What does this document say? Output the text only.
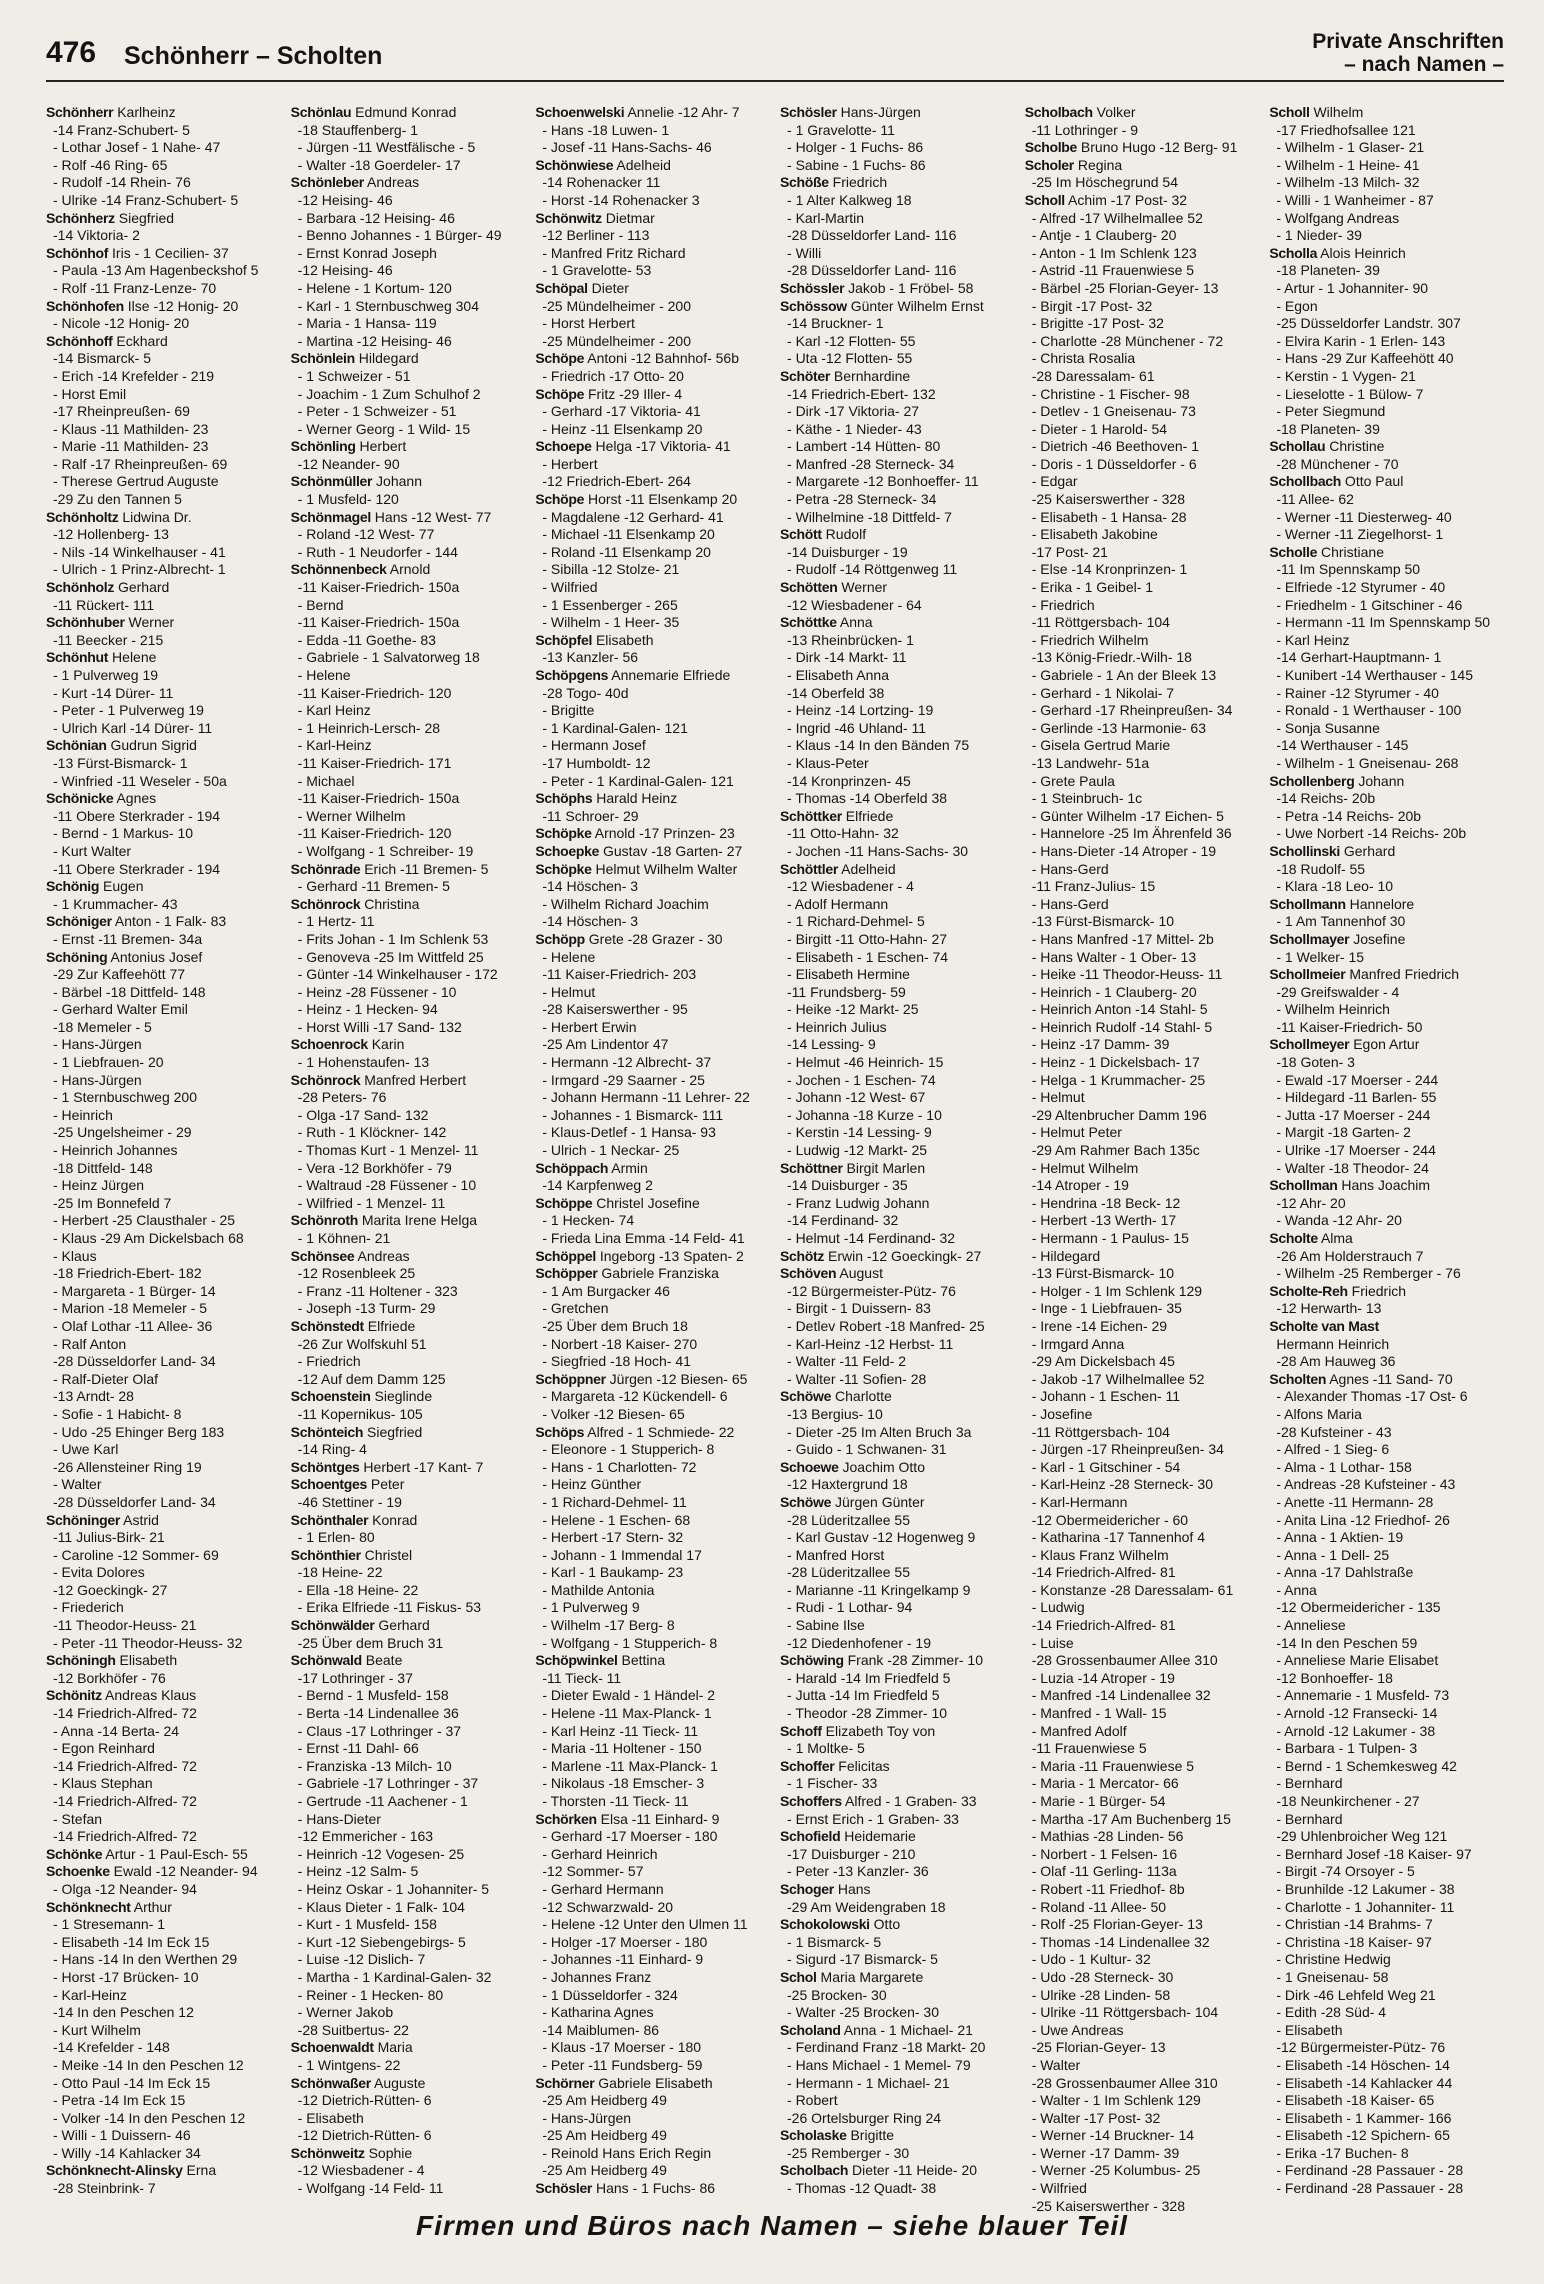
476 Schönherr – Scholten
Private Anschriften
– nach Namen –
Schönherr Karlheinz
-14 Franz-Schubert- 5
- Lothar Josef - 1 Nahe- 47
- Rolf -46 Ring- 65
- Rudolf -14 Rhein- 76
- Ulrike -14 Franz-Schubert- 5
Schönherz Siegfried
-14 Viktoria- 2
Schönhof Iris - 1 Cecilien- 37
- Paula -13 Am Hagenbeckshof 5
- Rolf -11 Franz-Lenze- 70
Schönhofen Ilse -12 Honig- 20
- Nicole -12 Honig- 20
Schönhoff Eckhard
-14 Bismarck- 5
- Erich -14 Krefelder - 219
- Horst Emil
-17 Rheinpreußen- 69
- Klaus -11 Mathilden- 23
- Marie -11 Mathilden- 23
- Ralf -17 Rheinpreußen- 69
- Therese Gertrud Auguste
-29 Zu den Tannen 5
Schönholtz Lidwina Dr.
-12 Hollenberg- 13
- Nils -14 Winkelhauser - 41
- Ulrich - 1 Prinz-Albrecht- 1
Schönholz Gerhard
-11 Rückert- 111
Schönhuber Werner
-11 Beecker - 215
Schönhut Helene
- 1 Pulverweg 19
- Kurt -14 Dürer- 11
- Peter - 1 Pulverweg 19
- Ulrich Karl -14 Dürer- 11
Schönian Gudrun Sigrid
-13 Fürst-Bismarck- 1
- Winfried -11 Weseler - 50a
Schönicke Agnes
-11 Obere Sterkrader - 194
- Bernd - 1 Markus- 10
- Kurt Walter
-11 Obere Sterkrader - 194
Schönig Eugen
- 1 Krummacher- 43
Schöniger Anton - 1 Falk- 83
- Ernst -11 Bremen- 34a
Schöning Antonius Josef
-29 Zur Kaffeehött 77
- Bärbel -18 Dittfeld- 148
- Gerhard Walter Emil
-18 Memeler - 5
- Hans-Jürgen
- 1 Liebfrauen- 20
- Hans-Jürgen
- 1 Sternbuschweg 200
- Heinrich
-25 Ungelsheimer - 29
- Heinrich Johannes
-18 Dittfeld- 148
- Heinz Jürgen
-25 Im Bonnefeld 7
- Herbert -25 Clausthaler - 25
- Klaus -29 Am Dickelsbach 68
- Klaus
-18 Friedrich-Ebert- 182
- Margareta - 1 Bürger- 14
- Marion -18 Memeler - 5
- Olaf Lothar -11 Allee- 36
- Ralf Anton
-28 Düsseldorfer Land- 34
- Ralf-Dieter Olaf
-13 Arndt- 28
- Sofie - 1 Habicht- 8
- Udo -25 Ehinger Berg 183
- Uwe Karl
-26 Allensteiner Ring 19
- Walter
-28 Düsseldorfer Land- 34
Schöninger Astrid
-11 Julius-Birk- 21
- Caroline -12 Sommer- 69
- Evita Dolores
-12 Goeckingk- 27
- Friederich
-11 Theodor-Heuss- 21
- Peter -11 Theodor-Heuss- 32
Schöningh Elisabeth
-12 Borkhöfer - 76
Schönitz Andreas Klaus
-14 Friedrich-Alfred- 72
- Anna -14 Berta- 24
- Egon Reinhard
-14 Friedrich-Alfred- 72
- Klaus Stephan
-14 Friedrich-Alfred- 72
- Stefan
-14 Friedrich-Alfred- 72
Schönke Artur - 1 Paul-Esch- 55
Schoenke Ewald -12 Neander- 94
- Olga -12 Neander- 94
Schönknecht Arthur
- 1 Stresemann- 1
- Elisabeth -14 Im Eck 15
- Hans -14 In den Werthen 29
- Horst -17 Brücken- 10
- Karl-Heinz
-14 In den Peschen 12
- Kurt Wilhelm
-14 Krefelder - 148
- Meike -14 In den Peschen 12
- Otto Paul -14 Im Eck 15
- Petra -14 Im Eck 15
- Volker -14 In den Peschen 12
- Willi - 1 Duissern- 46
- Willy -14 Kahlacker 34
Schönknecht-Alinsky Erna
-28 Steinbrink- 7
Schönlau Edmund Konrad
-18 Stauffenberg- 1
- Jürgen -11 Westfälische - 5
- Walter -18 Goerdeler- 17
Schönleber Andreas
-12 Heising- 46
- Barbara -12 Heising- 46
- Benno Johannes - 1 Bürger- 49
- Ernst Konrad Joseph
-12 Heising- 46
- Helene - 1 Kortum- 120
- Karl - 1 Sternbuschweg 304
- Maria - 1 Hansa- 119
- Martina -12 Heising- 46
Schönlein Hildegard
- 1 Schweizer - 51
- Joachim - 1 Zum Schulhof 2
- Peter - 1 Schweizer - 51
- Werner Georg - 1 Wild- 15
Schönling Herbert
-12 Neander- 90
Schönmüller Johann
- 1 Musfeld- 120
Schönmagel Hans -12 West- 77
- Roland -12 West- 77
- Ruth - 1 Neudorfer - 144
Schönnenbeck Arnold
-11 Kaiser-Friedrich- 150a
- Bernd
-11 Kaiser-Friedrich- 150a
- Edda -11 Goethe- 83
- Gabriele - 1 Salvatorweg 18
- Helene
-11 Kaiser-Friedrich- 120
- Karl Heinz
- 1 Heinrich-Lersch- 28
- Karl-Heinz
-11 Kaiser-Friedrich- 171
- Michael
-11 Kaiser-Friedrich- 150a
- Werner Wilhelm
-11 Kaiser-Friedrich- 120
- Wolfgang - 1 Schreiber- 19
Schönrade Erich -11 Bremen- 5
- Gerhard -11 Bremen- 5
Schönrock Christina
- 1 Hertz- 11
- Frits Johan - 1 Im Schlenk 53
- Genoveva -25 Im Wittfeld 25
- Günter -14 Winkelhauser - 172
- Heinz -28 Füssener - 10
- Heinz - 1 Hecken- 94
- Horst Willi -17 Sand- 132
Schoenrock Karin
- 1 Hohenstaufen- 13
Schönrock Manfred Herbert
-28 Peters- 76
- Olga -17 Sand- 132
- Ruth - 1 Klöckner- 142
- Thomas Kurt - 1 Menzel- 11
- Vera -12 Borkhöfer - 79
- Waltraud -28 Füssener - 10
- Wilfried - 1 Menzel- 11
Schönroth Marita Irene Helga
- 1 Köhnen- 21
Schönsee Andreas
-12 Rosenbleek 25
- Franz -11 Holtener - 323
- Joseph -13 Turm- 29
Schönstedt Elfriede
-26 Zur Wolfskuhl 51
- Friedrich
-12 Auf dem Damm 125
Schoenstein Sieglinde
-11 Kopernikus- 105
Schönteich Siegfried
-14 Ring- 4
Schöntges Herbert -17 Kant- 7
Schoentges Peter
-46 Stettiner - 19
Schönthaler Konrad
- 1 Erlen- 80
Schönthier Christel
-18 Heine- 22
- Ella -18 Heine- 22
- Erika Elfriede -11 Fiskus- 53
Schönwälder Gerhard
-25 Über dem Bruch 31
Schönwald Beate
-17 Lothringer - 37
- Bernd - 1 Musfeld- 158
- Berta -14 Lindenallee 36
- Claus -17 Lothringer - 37
- Ernst -11 Dahl- 66
- Franziska -13 Milch- 10
- Gabriele -17 Lothringer - 37
- Gertrude -11 Aachener - 1
- Hans-Dieter
-12 Emmericher - 163
- Heinrich -12 Vogesen- 25
- Heinz -12 Salm- 5
- Heinz Oskar - 1 Johanniter- 5
- Klaus Dieter - 1 Falk- 104
- Kurt - 1 Musfeld- 158
- Kurt -12 Siebengebirgs- 5
- Luise -12 Dislich- 7
- Martha - 1 Kardinal-Galen- 32
- Reiner - 1 Hecken- 80
- Werner Jakob
-28 Suitbertus- 22
Schoenwaldt Maria
- 1 Wintgens- 22
Schönwaßer Auguste
-12 Dietrich-Rütten- 6
- Elisabeth
-12 Dietrich-Rütten- 6
Schönweitz Sophie
-12 Wiesbadener - 4
- Wolfgang -14 Feld- 11
Schoenwelski Annelie -12 Ahr- 7
- Hans -18 Luwen- 1
- Josef -11 Hans-Sachs- 46
Schönwiese Adelheid
-14 Rohenacker 11
- Horst -14 Rohenacker 3
Schönwitz Dietmar
-12 Berliner - 113
- Manfred Fritz Richard
- 1 Gravelotte- 53
Schöpal Dieter
-25 Mündelheimer - 200
- Horst Herbert
-25 Mündelheimer - 200
Schöpe Antoni -12 Bahnhof- 56b
- Friedrich -17 Otto- 20
Schöpe Fritz -29 Iller- 4
- Gerhard -17 Viktoria- 41
- Heinz -11 Elsenkamp 20
Schoepe Helga -17 Viktoria- 41
- Herbert
-12 Friedrich-Ebert- 264
Schöpe Horst -11 Elsenkamp 20
- Magdalene -12 Gerhard- 41
- Michael -11 Elsenkamp 20
- Roland -11 Elsenkamp 20
- Sibilla -12 Stolze- 21
- Wilfried
- 1 Essenberger - 265
- Wilhelm - 1 Heer- 35
Schöpfel Elisabeth
-13 Kanzler- 56
Schöpgens Annemarie Elfriede
-28 Togo- 40d
- Brigitte
- 1 Kardinal-Galen- 121
- Hermann Josef
-17 Humboldt- 12
- Peter - 1 Kardinal-Galen- 121
Schöphs Harald Heinz
-11 Schroer- 29
Schöpke Arnold -17 Prinzen- 23
Schoepke Gustav -18 Garten- 27
Schöpke Helmut Wilhelm Walter
-14 Höschen- 3
- Wilhelm Richard Joachim
-14 Höschen- 3
Schöpp Grete -28 Grazer - 30
- Helene
-11 Kaiser-Friedrich- 203
- Helmut
-28 Kaiserswerther - 95
- Herbert Erwin
-25 Am Lindentor 47
- Hermann -12 Albrecht- 37
- Irmgard -29 Saarner - 25
- Johann Hermann -11 Lehrer- 22
- Johannes - 1 Bismarck- 111
- Klaus-Detlef - 1 Hansa- 93
- Ulrich - 1 Neckar- 25
Schöppach Armin
-14 Karpfenweg 2
Schöppe Christel Josefine
- 1 Hecken- 74
- Frieda Lina Emma -14 Feld- 41
Schöppel Ingeborg -13 Spaten- 2
Schöpper Gabriele Franziska
- 1 Am Burgacker 46
- Gretchen
-25 Über dem Bruch 18
- Norbert -18 Kaiser- 270
- Siegfried -18 Hoch- 41
Schöppner Jürgen -12 Biesen- 65
- Margareta -12 Kückendell- 6
- Volker -12 Biesen- 65
Schöps Alfred - 1 Schmiede- 22
- Eleonore - 1 Stupperich- 8
- Hans - 1 Charlotten- 72
- Heinz Günther
- 1 Richard-Dehmel- 11
- Helene - 1 Eschen- 68
- Herbert -17 Stern- 32
- Johann - 1 Immendal 17
- Karl - 1 Baukamp- 23
- Mathilde Antonia
- 1 Pulverweg 9
- Wilhelm -17 Berg- 8
- Wolfgang - 1 Stupperich- 8
Schöpwinkel Bettina
-11 Tieck- 11
- Dieter Ewald - 1 Händel- 2
- Helene -11 Max-Planck- 1
- Karl Heinz -11 Tieck- 11
- Maria -11 Holtener - 150
- Marlene -11 Max-Planck- 1
- Nikolaus -18 Emscher- 3
- Thorsten -11 Tieck- 11
Schörken Elsa -11 Einhard- 9
- Gerhard -17 Moerser - 180
- Gerhard Heinrich
-12 Sommer- 57
- Gerhard Hermann
-12 Schwarzwald- 20
- Helene -12 Unter den Ulmen 11
- Holger -17 Moerser - 180
- Johannes -11 Einhard- 9
- Johannes Franz
- 1 Düsseldorfer - 324
- Katharina Agnes
-14 Maiblumen- 86
- Klaus -17 Moerser - 180
- Peter -11 Fundsberg- 59
Schörner Gabriele Elisabeth
-25 Am Heidberg 49
- Hans-Jürgen
-25 Am Heidberg 49
- Reinold Hans Erich Regin
-25 Am Heidberg 49
Schösler Hans - 1 Fuchs- 86
Schösler Hans-Jürgen
- 1 Gravelotte- 11
- Holger - 1 Fuchs- 86
- Sabine - 1 Fuchs- 86
Schöße Friedrich
- 1 Alter Kalkweg 18
- Karl-Martin
-28 Düsseldorfer Land- 116
- Willi
-28 Düsseldorfer Land- 116
Schössler Jakob - 1 Fröbel- 58
Schössow Günter Wilhelm Ernst
-14 Bruckner- 1
- Karl -12 Flotten- 55
- Uta -12 Flotten- 55
Schöter Bernhardine
-14 Friedrich-Ebert- 132
- Dirk -17 Viktoria- 27
- Käthe - 1 Nieder- 43
- Lambert -14 Hütten- 80
- Manfred -28 Sterneck- 34
- Margarete -12 Bonhoeffer- 11
- Petra -28 Sterneck- 34
- Wilhelmine -18 Dittfeld- 7
Schött Rudolf
-14 Duisburger - 19
- Rudolf -14 Röttgenweg 11
Schötten Werner
-12 Wiesbadener - 64
Schöttke Anna
-13 Rheinbrücken- 1
- Dirk -14 Markt- 11
- Elisabeth Anna
-14 Oberfeld 38
- Heinz -14 Lortzing- 19
- Ingrid -46 Uhland- 11
- Klaus -14 In den Bänden 75
- Klaus-Peter
-14 Kronprinzen- 45
- Thomas -14 Oberfeld 38
Schöttker Elfriede
-11 Otto-Hahn- 32
- Jochen -11 Hans-Sachs- 30
Schöttler Adelheid
-12 Wiesbadener - 4
- Adolf Hermann
- 1 Richard-Dehmel- 5
- Birgitt -11 Otto-Hahn- 27
- Elisabeth - 1 Eschen- 74
- Elisabeth Hermine
-11 Frundsberg- 59
- Heike -12 Markt- 25
- Heinrich Julius
-14 Lessing- 9
- Helmut -46 Heinrich- 15
- Jochen - 1 Eschen- 74
- Johann -12 West- 67
- Johanna -18 Kurze - 10
- Kerstin -14 Lessing- 9
- Ludwig -12 Markt- 25
Schöttner Birgit Marlen
-14 Duisburger - 35
- Franz Ludwig Johann
-14 Ferdinand- 32
- Helmut -14 Ferdinand- 32
Schötz Erwin -12 Goeckingk- 27
Schöven August
-12 Bürgermeister-Pütz- 76
- Birgit - 1 Duissern- 83
- Detlev Robert -18 Manfred- 25
- Karl-Heinz -12 Herbst- 11
- Walter -11 Feld- 2
- Walter -11 Sofien- 28
Schöwe Charlotte
-13 Bergius- 10
- Dieter -25 Im Alten Bruch 3a
- Guido - 1 Schwanen- 31
Schoewe Joachim Otto
-12 Haxtergrund 18
Schöwe Jürgen Günter
-28 Lüderitzallee 55
- Karl Gustav -12 Hogenweg 9
- Manfred Horst
-28 Lüderitzallee 55
- Marianne -11 Kringelkamp 9
- Rudi - 1 Lothar- 94
- Sabine Ilse
-12 Diedenhofener - 19
Schöwing Frank -28 Zimmer- 10
- Harald -14 Im Friedfeld 5
- Jutta -14 Im Friedfeld 5
- Theodor -28 Zimmer- 10
Schoff Elizabeth Toy von
- 1 Moltke- 5
Schoffer Felicitas
- 1 Fischer- 33
Schoffers Alfred - 1 Graben- 33
- Ernst Erich - 1 Graben- 33
Schofield Heidemarie
-17 Duisburger - 210
- Peter -13 Kanzler- 36
Schoger Hans
-29 Am Weidengraben 18
Schokolowski Otto
- 1 Bismarck- 5
- Sigurd -17 Bismarck- 5
Schol Maria Margarete
-25 Brocken- 30
- Walter -25 Brocken- 30
Scholand Anna - 1 Michael- 21
- Ferdinand Franz -18 Markt- 20
- Hans Michael - 1 Memel- 79
- Hermann - 1 Michael- 21
- Robert
-26 Ortelsburger Ring 24
Scholaske Brigitte
-25 Remberger - 30
Scholbach Dieter -11 Heide- 20
- Thomas -12 Quadt- 38
Scholbach Volker
-11 Lothringer - 9
Scholbe Bruno Hugo -12 Berg- 91
Scholer Regina
-25 Im Höschegrund 54
Scholl Achim -17 Post- 32
- Alfred -17 Wilhelmallee 52
- Antje - 1 Clauberg- 20
- Anton - 1 Im Schlenk 123
- Astrid -11 Frauenwiese 5
- Bärbel -25 Florian-Geyer- 13
- Birgit -17 Post- 32
- Brigitte -17 Post- 32
- Charlotte -28 Münchener - 72
- Christa Rosalia
-28 Daressalam- 61
- Christine - 1 Fischer- 98
- Detlev - 1 Gneisenau- 73
- Dieter - 1 Harold- 54
- Dietrich -46 Beethoven- 1
- Doris - 1 Düsseldorfer - 6
- Edgar
-25 Kaiserswerther - 328
- Elisabeth - 1 Hansa- 28
- Elisabeth Jakobine
-17 Post- 21
- Else -14 Kronprinzen- 1
- Erika - 1 Geibel- 1
- Friedrich
-11 Röttgersbach- 104
- Friedrich Wilhelm
-13 König-Friedr.-Wilh- 18
- Gabriele - 1 An der Bleek 13
- Gerhard - 1 Nikolai- 7
- Gerhard -17 Rheinpreußen- 34
- Gerlinde -13 Harmonie- 63
- Gisela Gertrud Marie
-13 Landwehr- 51a
- Grete Paula
- 1 Steinbruch- 1c
- Günter Wilhelm -17 Eichen- 5
- Hannelore -25 Im Ährenfeld 36
- Hans-Dieter -14 Atroper - 19
- Hans-Gerd
-11 Franz-Julius- 15
- Hans-Gerd
-13 Fürst-Bismarck- 10
- Hans Manfred -17 Mittel- 2b
- Hans Walter - 1 Ober- 13
- Heike -11 Theodor-Heuss- 11
- Heinrich - 1 Clauberg- 20
- Heinrich Anton -14 Stahl- 5
- Heinrich Rudolf -14 Stahl- 5
- Heinz -17 Damm- 39
- Heinz - 1 Dickelsbach- 17
- Helga - 1 Krummacher- 25
- Helmut
-29 Altenbrucher Damm 196
- Helmut Peter
-29 Am Rahmer Bach 135c
- Helmut Wilhelm
-14 Atroper - 19
- Hendrina -18 Beck- 12
- Herbert -13 Werth- 17
- Hermann - 1 Paulus- 15
- Hildegard
-13 Fürst-Bismarck- 10
- Holger - 1 Im Schlenk 129
- Inge - 1 Liebfrauen- 35
- Irene -14 Eichen- 29
- Irmgard Anna
-29 Am Dickelsbach 45
- Jakob -17 Wilhelmallee 52
- Johann - 1 Eschen- 11
- Josefine
-11 Röttgersbach- 104
- Jürgen -17 Rheinpreußen- 34
- Karl - 1 Gitschiner - 54
- Karl-Heinz -28 Sterneck- 30
- Karl-Hermann
-12 Obermeidericher - 60
- Katharina -17 Tannenhof 4
- Klaus Franz Wilhelm
-14 Friedrich-Alfred- 81
- Konstanze -28 Daressalam- 61
- Ludwig
-14 Friedrich-Alfred- 81
- Luise
-28 Grossenbaumer Allee 310
- Luzia -14 Atroper - 19
- Manfred -14 Lindenallee 32
- Manfred - 1 Wall- 15
- Manfred Adolf
-11 Frauenwiese 5
- Maria -11 Frauenwiese 5
- Maria - 1 Mercator- 66
- Marie - 1 Bürger- 54
- Martha -17 Am Buchenberg 15
- Mathias -28 Linden- 56
- Norbert - 1 Felsen- 16
- Olaf -11 Gerling- 113a
- Robert -11 Friedhof- 8b
- Roland -11 Allee- 50
- Rolf -25 Florian-Geyer- 13
- Thomas -14 Lindenallee 32
- Udo - 1 Kultur- 32
- Udo -28 Sterneck- 30
- Ulrike -28 Linden- 58
- Ulrike -11 Röttgersbach- 104
- Uwe Andreas
-25 Florian-Geyer- 13
- Walter
-28 Grossenbaumer Allee 310
- Walter - 1 Im Schlenk 129
- Walter -17 Post- 32
- Werner -14 Bruckner- 14
- Werner -17 Damm- 39
- Werner -25 Kolumbus- 25
- Wilfried
-25 Kaiserswerther - 328
Scholl Wilhelm
-17 Friedhofsallee 121
- Wilhelm - 1 Glaser- 21
- Wilhelm - 1 Heine- 41
- Wilhelm -13 Milch- 32
- Willi - 1 Wanheimer - 87
- Wolfgang Andreas
- 1 Nieder- 39
Scholla Alois Heinrich
-18 Planeten- 39
- Artur - 1 Johanniter- 90
- Egon
-25 Düsseldorfer Landstr. 307
- Elvira Karin - 1 Erlen- 143
- Hans -29 Zur Kaffeehött 40
- Kerstin - 1 Vygen- 21
- Lieselotte - 1 Bülow- 7
- Peter Siegmund
-18 Planeten- 39
Schollau Christine
-28 Münchener - 70
Schollbach Otto Paul
-11 Allee- 62
- Werner -11 Diesterweg- 40
- Werner -11 Ziegelhorst- 1
Scholle Christiane
-11 Im Spennskamp 50
- Elfriede -12 Styrumer - 40
- Friedhelm - 1 Gitschiner - 46
- Hermann -11 Im Spennskamp 50
- Karl Heinz
-14 Gerhart-Hauptmann- 1
- Kunibert -14 Werthauser - 145
- Rainer -12 Styrumer - 40
- Ronald - 1 Werthauser - 100
- Sonja Susanne
-14 Werthauser - 145
- Wilhelm - 1 Gneisenau- 268
Schollenberg Johann
-14 Reichs- 20b
- Petra -14 Reichs- 20b
- Uwe Norbert -14 Reichs- 20b
Schollinski Gerhard
-18 Rudolf- 55
- Klara -18 Leo- 10
Schollmann Hannelore
- 1 Am Tannenhof 30
Schollmayer Josefine
- 1 Welker- 15
Schollmeier Manfred Friedrich
-29 Greifswalder - 4
- Wilhelm Heinrich
-11 Kaiser-Friedrich- 50
Schollmeyer Egon Artur
-18 Goten- 3
- Ewald -17 Moerser - 244
- Hildegard -11 Barlen- 55
- Jutta -17 Moerser - 244
- Margit -18 Garten- 2
- Ulrike -17 Moerser - 244
- Walter -18 Theodor- 24
Schollman Hans Joachim
-12 Ahr- 20
- Wanda -12 Ahr- 20
Scholte Alma
-26 Am Holderstrauch 7
- Wilhelm -25 Remberger - 76
Scholte-Reh Friedrich
-12 Herwarth- 13
Scholte van Mast
Hermann Heinrich
-28 Am Hauweg 36
Scholten Agnes -11 Sand- 70
- Alexander Thomas -17 Ost- 6
- Alfons Maria
-28 Kufsteiner - 43
- Alfred - 1 Sieg- 6
- Alma - 1 Lothar- 158
- Andreas -28 Kufsteiner - 43
- Anette -11 Hermann- 28
- Anita Lina -12 Friedhof- 26
- Anna - 1 Aktien- 19
- Anna - 1 Dell- 25
- Anna -17 Dahlstraße
- Anna
-12 Obermeidericher - 135
- Anneliese
-14 In den Peschen 59
- Anneliese Marie Elisabet
-12 Bonhoeffer- 18
- Annemarie - 1 Musfeld- 73
- Arnold -12 Fransecki- 14
- Arnold -12 Lakumer - 38
- Barbara - 1 Tulpen- 3
- Bernd - 1 Schemkesweg 42
- Bernhard
-18 Neunkirchener - 27
- Bernhard
-29 Uhlenbroicher Weg 121
- Bernhard Josef -18 Kaiser- 97
- Birgit -74 Orsoyer - 5
- Brunhilde -12 Lakumer - 38
- Charlotte - 1 Johanniter- 11
- Christian -14 Brahms- 7
- Christina -18 Kaiser- 97
- Christine Hedwig
- 1 Gneisenau- 58
- Dirk -46 Lehfeld Weg 21
- Edith -28 Süd- 4
- Elisabeth
-12 Bürgermeister-Pütz- 76
- Elisabeth -14 Höschen- 14
- Elisabeth -14 Kahlacker 44
- Elisabeth -18 Kaiser- 65
- Elisabeth - 1 Kammer- 166
- Elisabeth -12 Spichern- 65
- Erika -17 Buchen- 8
- Ferdinand -28 Passauer - 28
- Ferdinand -28 Passauer - 28
Firmen und Büros nach Namen – siehe blauer Teil
